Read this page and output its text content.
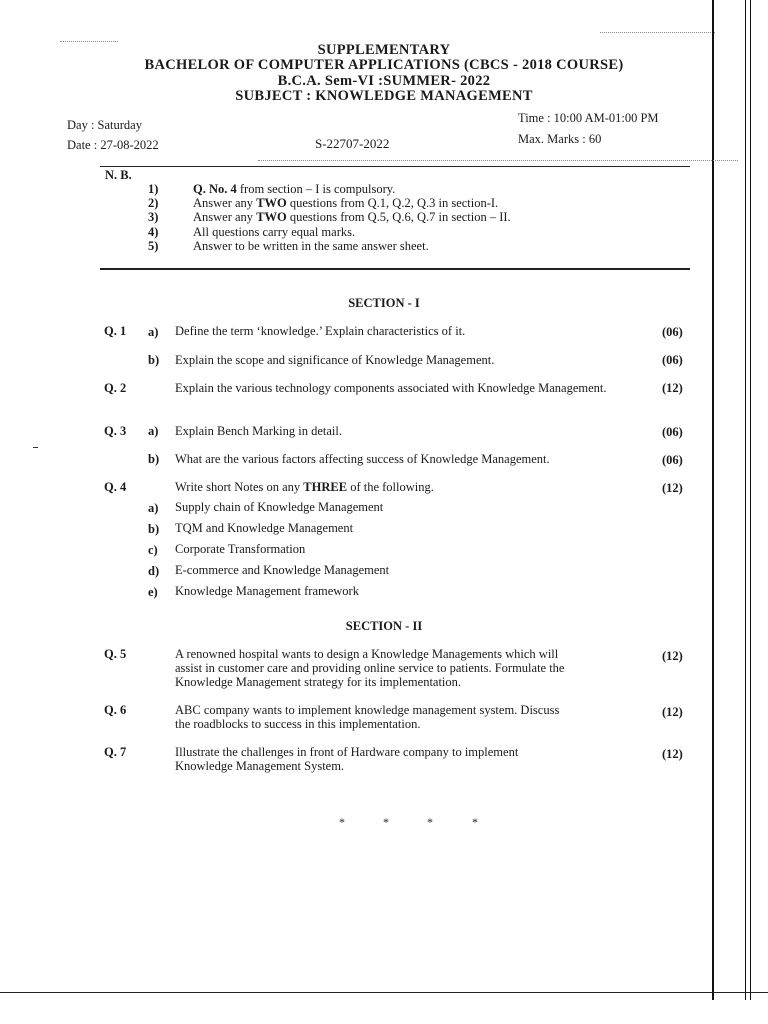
SUPPLEMENTARY
BACHELOR OF COMPUTER APPLICATIONS (CBCS - 2018 COURSE)
B.C.A. Sem-VI :SUMMER- 2022
SUBJECT : KNOWLEDGE MANAGEMENT
Day : Saturday
Date : 27-08-2022	S-22707-2022
Time : 10:00 AM-01:00 PM
Max. Marks : 60
N. B.
1)	Q. No. 4 from section – I is compulsory.
2)	Answer any TWO questions from Q.1, Q.2, Q.3 in section-I.
3)	Answer any TWO questions from Q.5, Q.6, Q.7 in section – II.
4)	All questions carry equal marks.
5)	Answer to be written in the same answer sheet.
SECTION - I
Q. 1 a) Define the term ‘knowledge.’ Explain characteristics of it.	(06)
b) Explain the scope and significance of Knowledge Management.	(06)
Q. 2	Explain the various technology components associated with Knowledge Management.	(12)
Q. 3 a) Explain Bench Marking in detail.	(06)
b) What are the various factors affecting success of Knowledge Management.	(06)
Q. 4	Write short Notes on any THREE of the following.	(12)
a) Supply chain of Knowledge Management
b) TQM and Knowledge Management
c) Corporate Transformation
d) E-commerce and Knowledge Management
e) Knowledge Management framework
SECTION - II
Q. 5	A renowned hospital wants to design a Knowledge Managements which will
assist in customer care and providing online service to patients. Formulate the
Knowledge Management strategy for its implementation.
(12)
Q. 6	ABC company wants to implement knowledge management system. Discuss
the roadblocks to success in this implementation.
(12)
Q. 7	Illustrate the challenges in front of Hardware company to implement
Knowledge Management System.
(12)
*	*	*	*
